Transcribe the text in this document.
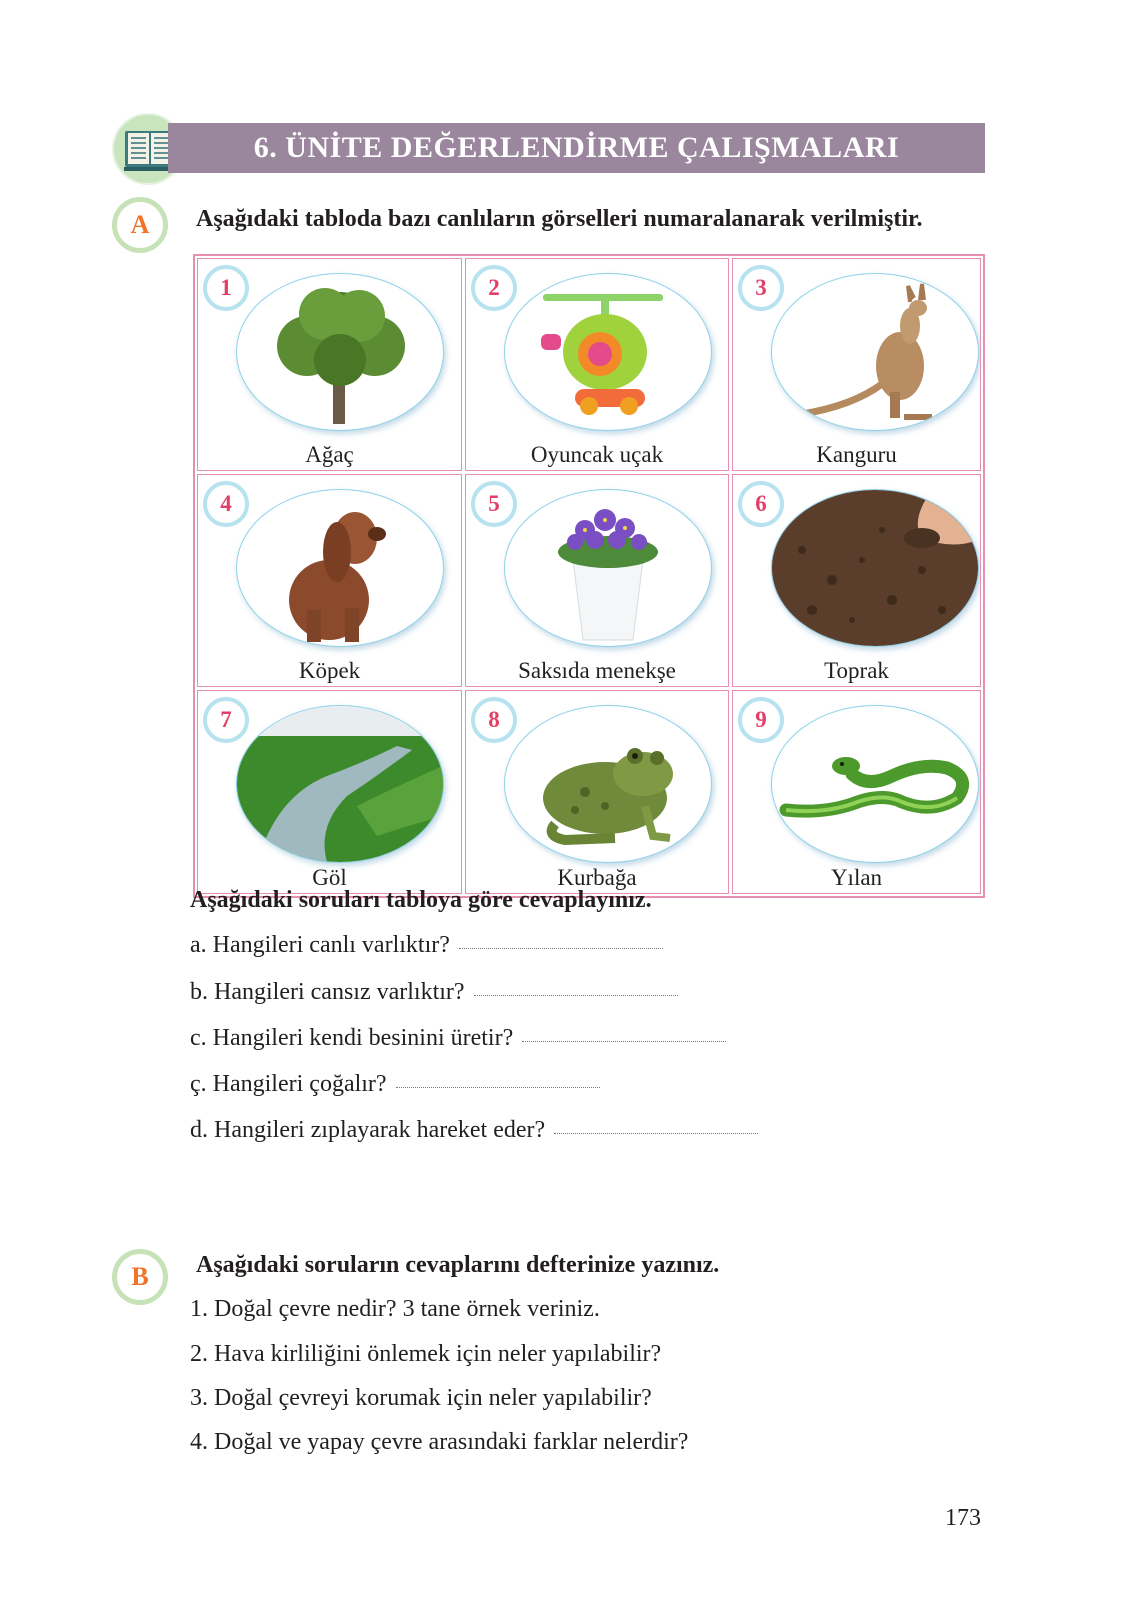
6. ÜNİTE DEĞERLENDİRME ÇALIŞMALARI
A	Aşağıdaki tabloda bazı canlıların görselleri numaralanarak verilmiştir.
1
Ağaç
2
Oyuncak uçak
3
Kanguru
4
Köpek
5
Saksıda menekşe
6
Toprak
7
Göl
8
Kurbağa
9
Yılan
Aşağıdaki soruları tabloya göre cevaplayınız.
a.
Hangileri canlı varlıktır?
b.
Hangileri cansız varlıktır?
c.
Hangileri kendi besinini üretir?
ç.
Hangileri çoğalır?
d.
Hangileri zıplayarak hareket eder?
B	Aşağıdaki soruların cevaplarını defterinize yazınız.
1. Doğal çevre nedir? 3 tane örnek veriniz.
2. Hava kirliliğini önlemek için neler yapılabilir?
3. Doğal çevreyi korumak için neler yapılabilir?
4. Doğal ve yapay çevre arasındaki farklar nelerdir?
173
